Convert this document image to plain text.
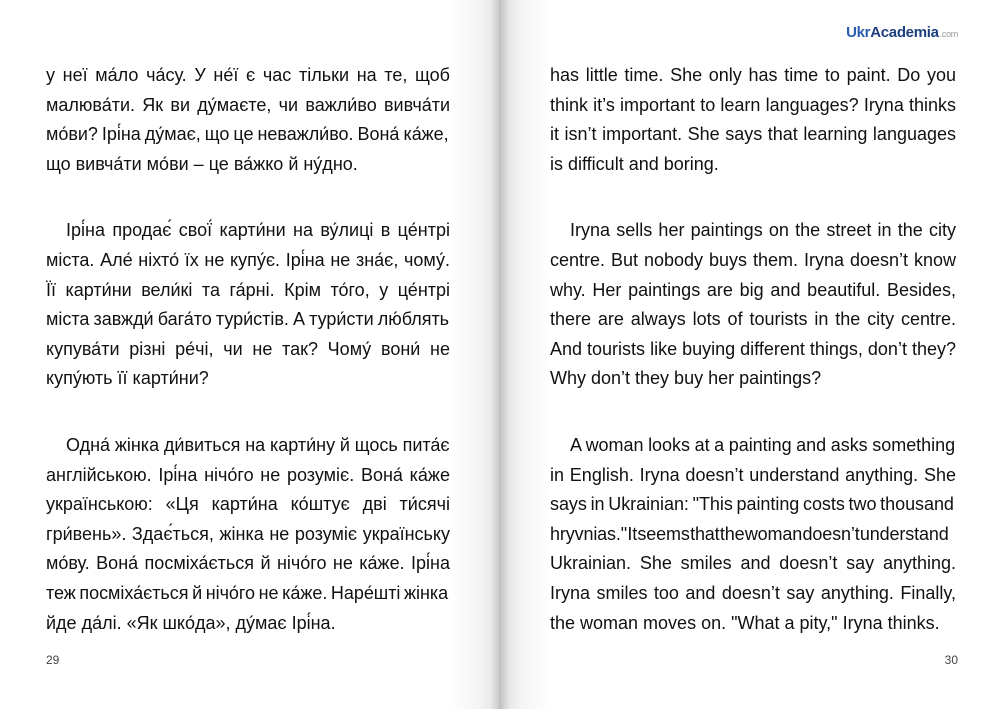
у неї ма́ло ча́су. У не́ї є час тільки на те, щоб
малюва́ти. Як ви ду́маєте, чи важли́во вивча́ти
мо́ви? Ірі́на ду́має, що це неважли́во. Вона́ ка́же,
що вивча́ти мо́ви – це ва́жко й ну́дно.
Ірі́на продає́ свої́ карти́ни на ву́лиці в це́нтрі
міста. Але́ ніхто́ їх не купу́є. Ірі́на не зна́є, чому́.
Її карти́ни вели́кі та га́рні. Крім то́го, у це́нтрі
міста завжди́ бага́то тури́стів. А тури́сти лю́блять
купува́ти різні ре́чі, чи не так? Чому́ вони́ не
купу́ють її карти́ни?
Одна́ жінка ди́виться на карти́ну й щось пита́є
англійською. Ірі́на нічо́го не розуміє. Вона́ ка́же
українською: «Ця карти́на ко́штує дві ти́сячі
гри́вень». Здає́ться, жінка не розуміє українську
мо́ву. Вона́ посміха́ється й нічо́го не ка́же. Ірі́на
теж посміха́ється й нічо́го не ка́же. Наре́шті жінка
йде да́лі. «Як шко́да», ду́має Ірі́на.
29
Ukr Academia .com
30
has little time. She only has time to paint. Do you
think it’s important to learn languages? Iryna thinks
it isn’t important. She says that learning languages
is difficult and boring.
Iryna sells her paintings on the street in the city
centre. But nobody buys them. Iryna doesn’t know
why. Her paintings are big and beautiful. Besides,
there are always lots of tourists in the city centre.
And tourists like buying different things, don’t they?
Why don’t they buy her paintings?
A woman looks at a painting and asks something
in English. Iryna doesn’t understand anything. She
says in Ukrainian: "This painting costs two thousand
hryvnias." It seems that the woman doesn’t understand
Ukrainian. She smiles and doesn’t say anything.
Iryna smiles too and doesn’t say anything. Finally,
the woman moves on. "What a pity," Iryna thinks.
